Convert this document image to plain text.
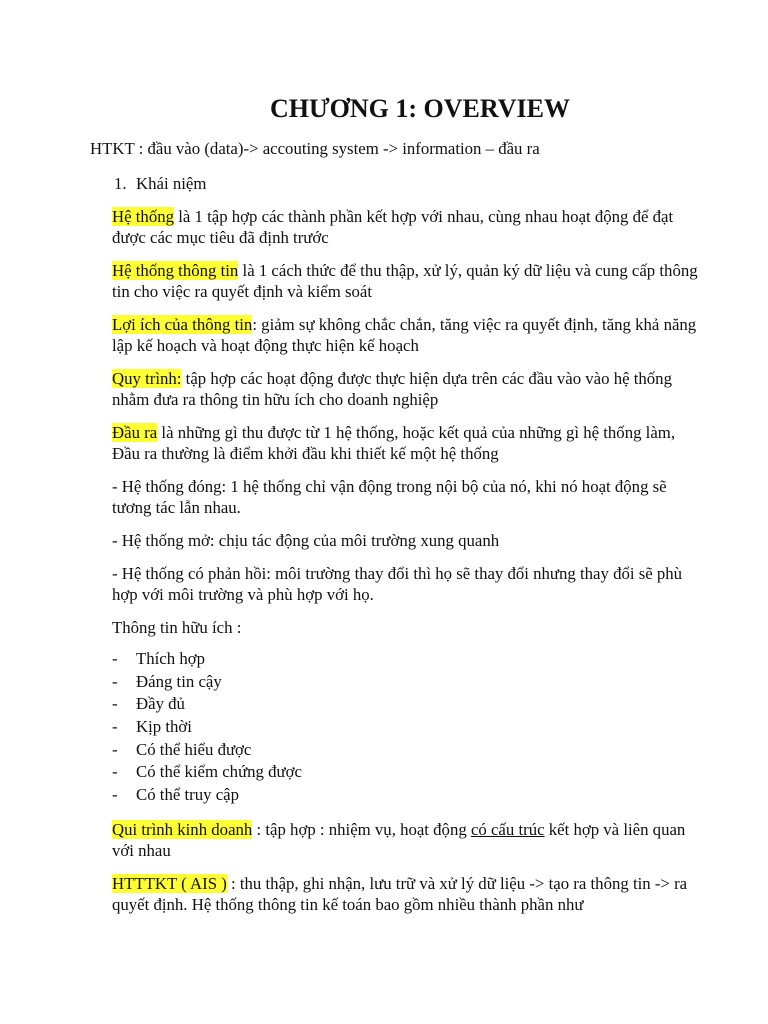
CHƯƠNG 1: OVERVIEW

HTKT : đầu vào (data)-> accouting system -> information – đầu ra

1. Khái niệm

Hệ thống là 1 tập hợp các thành phần kết hợp với nhau, cùng nhau hoạt động để đạt được các mục tiêu đã định trước

Hệ thống thông tin là 1 cách thức để thu thập, xử lý, quản ký dữ liệu và cung cấp thông tin cho việc ra quyết định và kiểm soát

Lợi ích của thông tin: giảm sự không chắc chắn, tăng việc ra quyết định, tăng khả năng lập kế hoạch và hoạt động thực hiện kế hoạch

Quy trình: tập hợp các hoạt động được thực hiện dựa trên các đầu vào vào hệ thống nhằm đưa ra thông tin hữu ích cho doanh nghiệp

Đầu ra là những gì thu được từ 1 hệ thống, hoặc kết quả của những gì hệ thống làm, Đầu ra thường là điểm khởi đầu khi thiết kế một hệ thống

- Hệ thống đóng: 1 hệ thống chỉ vận động trong nội bộ của nó, khi nó hoạt động sẽ tương tác lẫn nhau.

- Hệ thống mở: chịu tác động của môi trường xung quanh

- Hệ thống có phản hồi: môi trường thay đổi thì họ sẽ thay đổi nhưng thay đổi sẽ phù hợp với môi trường và phù hợp với họ.

Thông tin hữu ích :

- Thích hợp
- Đáng tin cậy
- Đầy đủ
- Kịp thời
- Có thể hiểu được
- Có thể kiểm chứng được
- Có thể truy cập

Qui trình kinh doanh : tập hợp : nhiệm vụ, hoạt động có cấu trúc kết hợp và liên quan với nhau

HTTTKT ( AIS ) : thu thập, ghi nhận, lưu trữ và xử lý dữ liệu -> tạo ra thông tin -> ra quyết định. Hệ thống thông tin kế toán bao gồm nhiều thành phần như
